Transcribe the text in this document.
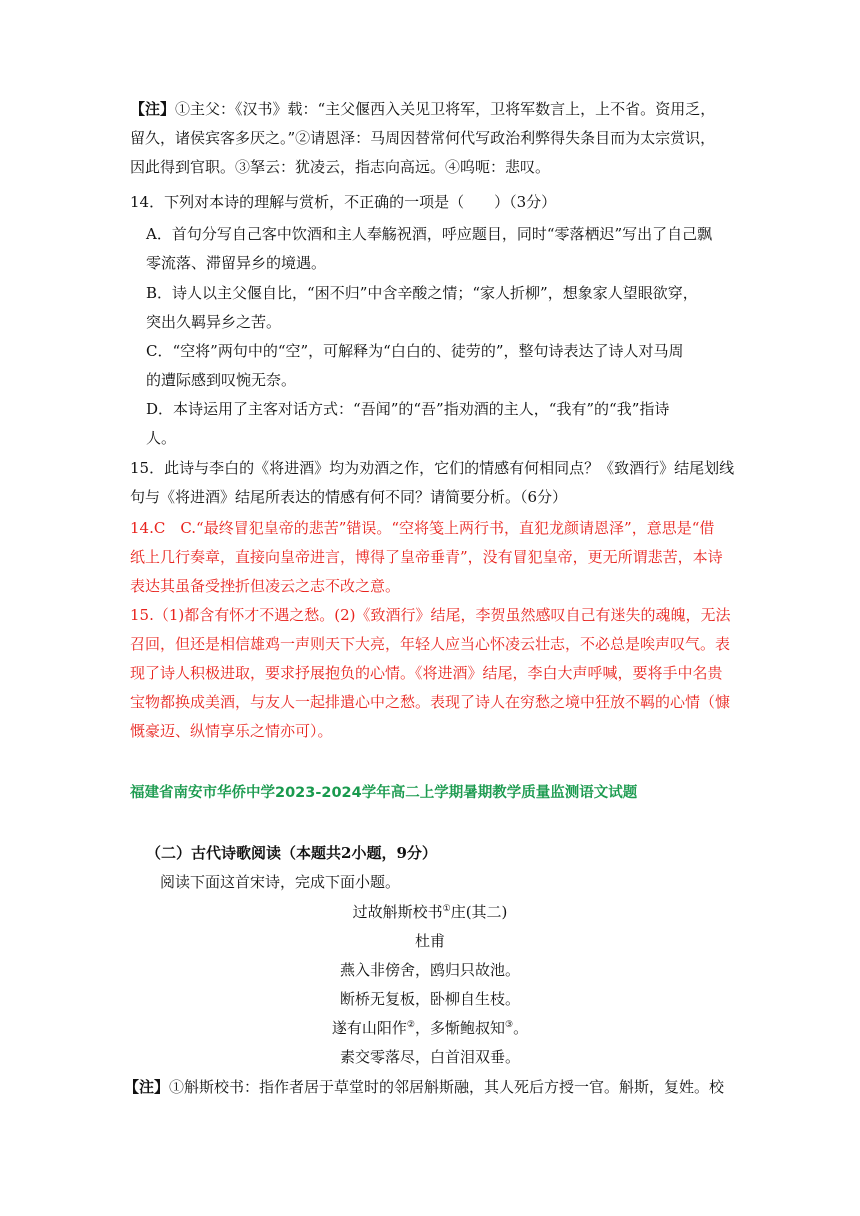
【注】①主父：《汉书》载：“主父偃西入关见卫将军，卫将军数言上，上不省。资用乏，
留久，诸侯宾客多厌之。”②请恩泽：马周因替常何代写政治利弊得失条目而为太宗赏识，
因此得到官职。③拏云：犹凌云，指志向高远。④呜呃：悲叹。
14．下列对本诗的理解与赏析，不正确的一项是（　　）（3分）
A．首句分写自己客中饮酒和主人奉觞祝酒，呼应题目，同时“零落栖迟”写出了自己飘
零流落、滞留异乡的境遇。
B．诗人以主父偃自比，“困不归”中含辛酸之情；“家人折柳”，想象家人望眼欲穿，
突出久羁异乡之苦。
C．“空将”两句中的“空”，可解释为“白白的、徒劳的”，整句诗表达了诗人对马周
的遭际感到叹惋无奈。
D．本诗运用了主客对话方式：“吾闻”的“吾”指劝酒的主人，“我有”的“我”指诗
人。
15．此诗与李白的《将进酒》均为劝酒之作，它们的情感有何相同点？《致酒行》结尾划线
句与《将进酒》结尾所表达的情感有何不同？请简要分析。（6分）
14.C　C.“最终冒犯皇帝的悲苦”错误。“空将笺上两行书，直犯龙颜请恩泽”，意思是“借
纸上几行奏章，直接向皇帝进言，博得了皇帝垂青”，没有冒犯皇帝，更无所谓悲苦，本诗
表达其虽备受挫折但凌云之志不改之意。
15.（1)都含有怀才不遇之愁。(2)《致酒行》结尾，李贺虽然感叹自己有迷失的魂魄，无法
召回，但还是相信雄鸡一声则天下大亮，年轻人应当心怀凌云壮志，不必总是唉声叹气。表
现了诗人积极进取，要求抒展抱负的心情。《将进酒》结尾，李白大声呼喊，要将手中名贵
宝物都换成美酒，与友人一起排遣心中之愁。表现了诗人在穷愁之境中狂放不羁的心情（慷
慨豪迈、纵情享乐之情亦可）。
福建省南安市华侨中学2023-2024学年高二上学期暑期教学质量监测语文试题
（二）古代诗歌阅读（本题共2小题，9分）
阅读下面这首宋诗，完成下面小题。
过故斛斯校书①庄(其二)
杜甫
燕入非傍舍，鸥归只故池。
断桥无复板，卧柳自生枝。
遂有山阳作②，多惭鲍叔知③。
素交零落尽，白首泪双垂。
【注】①斛斯校书：指作者居于草堂时的邻居斛斯融，其人死后方授一官。斛斯，复姓。校
